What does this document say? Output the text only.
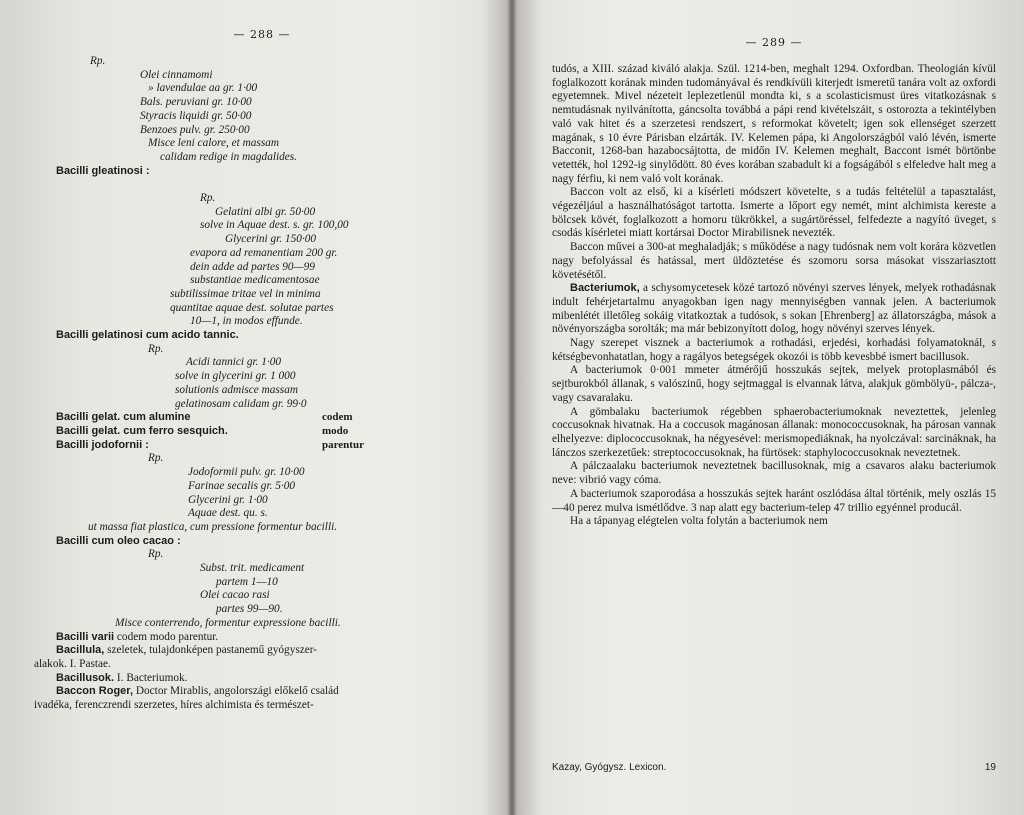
— 288 —
Rp.
Olei cinnamomi
» lavendulae aa gr. 1·00
Bals. peruviani gr. 10·00
Styracis liquidi gr. 50·00
Benzoes pulv. gr. 250·00
Misce leni calore, et massam
calidam redige in magdalides.
Bacilli gleatinosi :

Rp.
Gelatini albi gr. 50·00
solve in Aquae dest. s. gr. 100,00
Glycerini gr. 150·00
evapora ad remanentiam 200 gr.
dein adde ad partes 90—99
substantiae medicamentosae
subtilissimae tritae vel in minima
quantitae aquae dest. solutae partes
10—1, in modos effunde.
Bacilli gelatinosi cum acido tannic.
Rp.
Acidi tannici gr. 1·00
solve in glycerini gr. 1 000
solutionis admisce massam
gelatinosam calidam gr. 99·0
Bacilli gelat. cum alumine	codem
Bacilli gelat. cum ferro sesquich.	modo
Bacilli jodofornii :	parentur
Rp.
Jodoformii pulv. gr. 10·00
Farinae secalis gr. 5·00
Glycerini gr. 1·00
Aquae dest. qu. s.
ut massa fiat plastica, cum pressione formentur bacilli.
Bacilli cum oleo cacao :
Rp.
Subst. trit. medicament
partem 1—10
Olei cacao rasi
partes 99—90.
Misce conterrendo, formentur expressione bacilli.
Bacilli varii codem modo parentur.
Bacillula, szeletek, tulajdonképen pastanemű gyógyszer-
alakok. I. Pastae.
Bacillusok. I. Bacteriumok.
Baccon Roger, Doctor Mirablis, angolországi előkelő család
ivadéka, ferenczrendi szerzetes, híres alchimista és természet-
— 289 —
tudós, a XIII. század kiváló alakja. Szül. 1214-ben, meghalt 1294. Oxfordban. Theologián kívül foglalkozott korának minden tudományával és rendkívüli kiterjedt ismeretű tanára volt az oxfordi egyetemnek. Mivel nézeteit leplezetlenül mondta ki, s a scolasticismust üres vitatkozásnak s nemtudásnak nyilvánította, gáncsolta továbbá a pápi rend kivételszáit, s ostorozta a tekintélyben való vak hitet és a szerzetesi rendszert, s reformokat követelt; igen sok ellenséget szerzett magának, s 10 évre Párisban elzárták. IV. Kelemen pápa, ki Angolországból való lévén, ismerte Bacconit, 1268-ban hazabocsájtotta, de midőn IV. Kelemen meghalt, Baccont ismét börtönbe vetették, hol 1292-ig sinylődött. 80 éves korában szabadult ki a fogságából s elfeledve halt meg a nagy férfiu, ki nem való volt korának.
Baccon volt az első, ki a kísérleti módszert követelte, s a tudás feltételül a tapasztalást, végezéljául a használhatóságot tartotta. Ismerte a lőport egy nemét, mint alchimista kereste a bölcsek kövét, foglalkozott a homoru tükrökkel, a sugártöréssel, felfedezte a nagyító üveget, s csodás kísérletei miatt kortársai Doctor Mirabilisnek nevezték.
Baccon művei a 300-at meghaladják; s működése a nagy tudósnak nem volt korára közvetlen nagy befolyással és hatással, mert üldöztetése és szomoru sorsa másokat visszariasztott követésétől.
Bacteriumok, a schysomycetesek közé tartozó növényi szerves lények, melyek rothadásnak indult fehérjetartalmu anyagokban igen nagy mennyiségben vannak jelen. A bacteriumok mibenlétét illetőleg sokáig vitatkoztak a tudósok, s sokan [Ehrenberg] az állatországba, mások a növényországba sorolták; ma már bebizonyított dolog, hogy növényi szerves lények.
Nagy szerepet visznek a bacteriumok a rothadási, erjedési, korhadási folyamatoknál, s kétségbevonhatatlan, hogy a ragályos betegségek okozói is több kevesbbé ismert bacillusok.
A bacteriumok 0·001 mmeter átmérőjű hosszukás sejtek, melyek protoplasmából és sejtburokból állanak, s valószinű, hogy sejtmaggal is elvannak látva, alakjuk gömbölyü-, pálcza-, vagy csavaralaku.
A gömbalaku bacteriumok régebben sphaerobacteriumoknak neveztettek, jelenleg coccusoknak hivatnak. Ha a coccusok magánosan állanak: monococcusoknak, ha párosan vannak elhelyezve: diplococcusoknak, ha négyesével: merismopediáknak, ha nyolczával: sarcináknak, ha lánczos szerkezetűek: streptococcusoknak, ha fürtösek: staphylococcusoknak neveztetnek.
A pálczaalaku bacteriumok neveztetnek bacillusoknak, mig a csavaros alaku bacteriumok neve: vibrió vagy cóma.
A bacteriumok szaporodása a hosszukás sejtek haránt oszlódása által történik, mely oszlás 15—40 perez mulva ismétlődve. 3 nap alatt egy bacterium-telep 47 trillio egyénnel producál.
Ha a tápanyag elégtelen volta folytán a bacteriumok nem
Kazay, Gyógysz. Lexicon.	19
